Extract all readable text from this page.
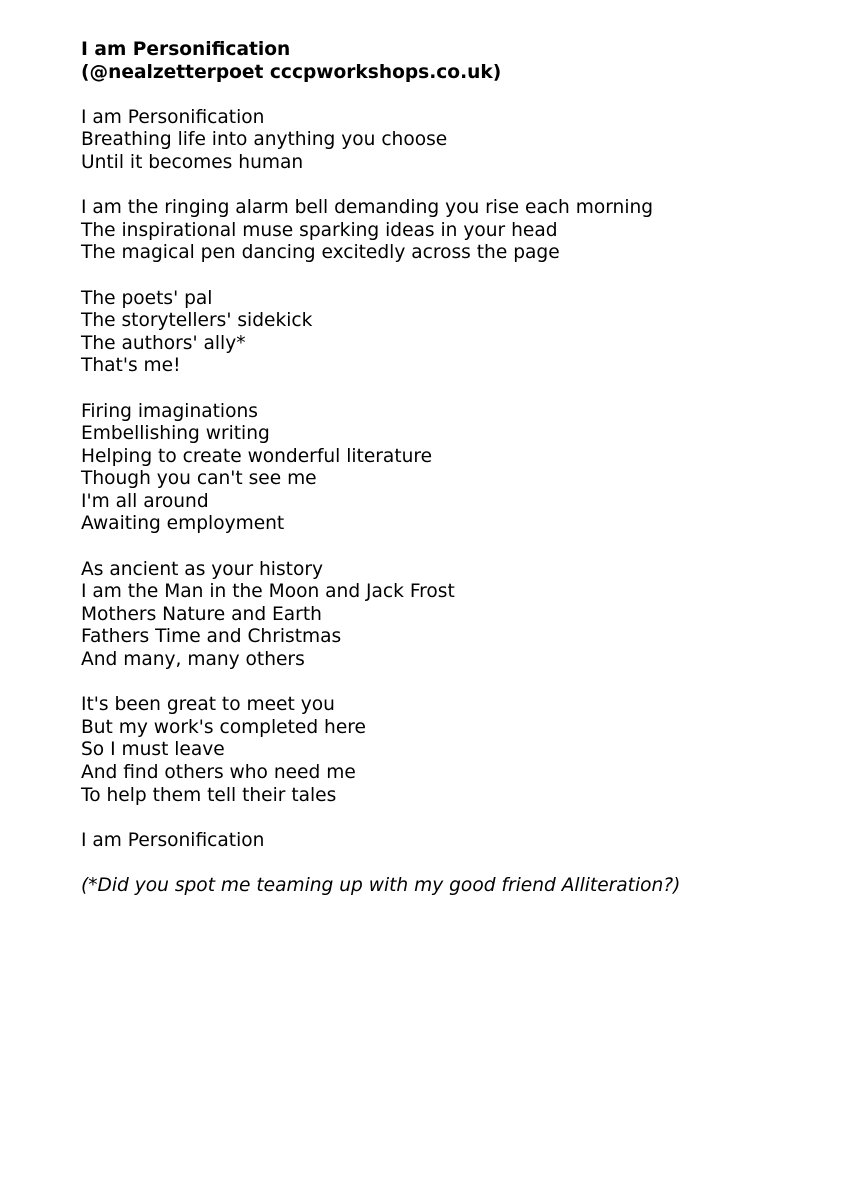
I am Personification
(@nealzetterpoet cccpworkshops.co.uk)
I am Personification
Breathing life into anything you choose
Until it becomes human
I am the ringing alarm bell demanding you rise each morning
The inspirational muse sparking ideas in your head
The magical pen dancing excitedly across the page
The poets' pal
The storytellers' sidekick
The authors' ally*
That's me!
Firing imaginations
Embellishing writing
Helping to create wonderful literature
Though you can't see me
I'm all around
Awaiting employment
As ancient as your history
I am the Man in the Moon and Jack Frost
Mothers Nature and Earth
Fathers Time and Christmas
And many, many others
It's been great to meet you
But my work's completed here
So I must leave
And find others who need me
To help them tell their tales
I am Personification
(*Did you spot me teaming up with my good friend Alliteration?)
